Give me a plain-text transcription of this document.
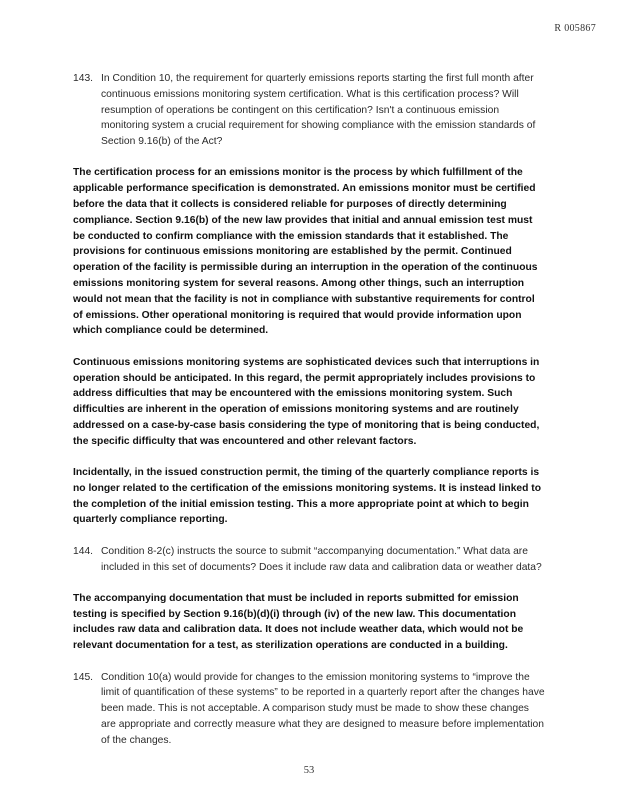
R 005867
143. In Condition 10, the requirement for quarterly emissions reports starting the first full month after continuous emissions monitoring system certification. What is this certification process? Will resumption of operations be contingent on this certification? Isn't a continuous emission monitoring system a crucial requirement for showing compliance with the emission standards of Section 9.16(b) of the Act?

The certification process for an emissions monitor is the process by which fulfillment of the applicable performance specification is demonstrated. An emissions monitor must be certified before the data that it collects is considered reliable for purposes of directly determining compliance. Section 9.16(b) of the new law provides that initial and annual emission test must be conducted to confirm compliance with the emission standards that it established. The provisions for continuous emissions monitoring are established by the permit. Continued operation of the facility is permissible during an interruption in the operation of the continuous emissions monitoring system for several reasons. Among other things, such an interruption would not mean that the facility is not in compliance with substantive requirements for control of emissions. Other operational monitoring is required that would provide information upon which compliance could be determined.

Continuous emissions monitoring systems are sophisticated devices such that interruptions in operation should be anticipated. In this regard, the permit appropriately includes provisions to address difficulties that may be encountered with the emissions monitoring system. Such difficulties are inherent in the operation of emissions monitoring systems and are routinely addressed on a case-by-case basis considering the type of monitoring that is being conducted, the specific difficulty that was encountered and other relevant factors.

Incidentally, in the issued construction permit, the timing of the quarterly compliance reports is no longer related to the certification of the emissions monitoring systems. It is instead linked to the completion of the initial emission testing. This a more appropriate point at which to begin quarterly compliance reporting.

144. Condition 8-2(c) instructs the source to submit “accompanying documentation.” What data are included in this set of documents? Does it include raw data and calibration data or weather data?

The accompanying documentation that must be included in reports submitted for emission testing is specified by Section 9.16(b)(d)(i) through (iv) of the new law. This documentation includes raw data and calibration data. It does not include weather data, which would not be relevant documentation for a test, as sterilization operations are conducted in a building.

145. Condition 10(a) would provide for changes to the emission monitoring systems to “improve the limit of quantification of these systems” to be reported in a quarterly report after the changes have been made. This is not acceptable. A comparison study must be made to show these changes are appropriate and correctly measure what they are designed to measure before implementation of the changes.
53
